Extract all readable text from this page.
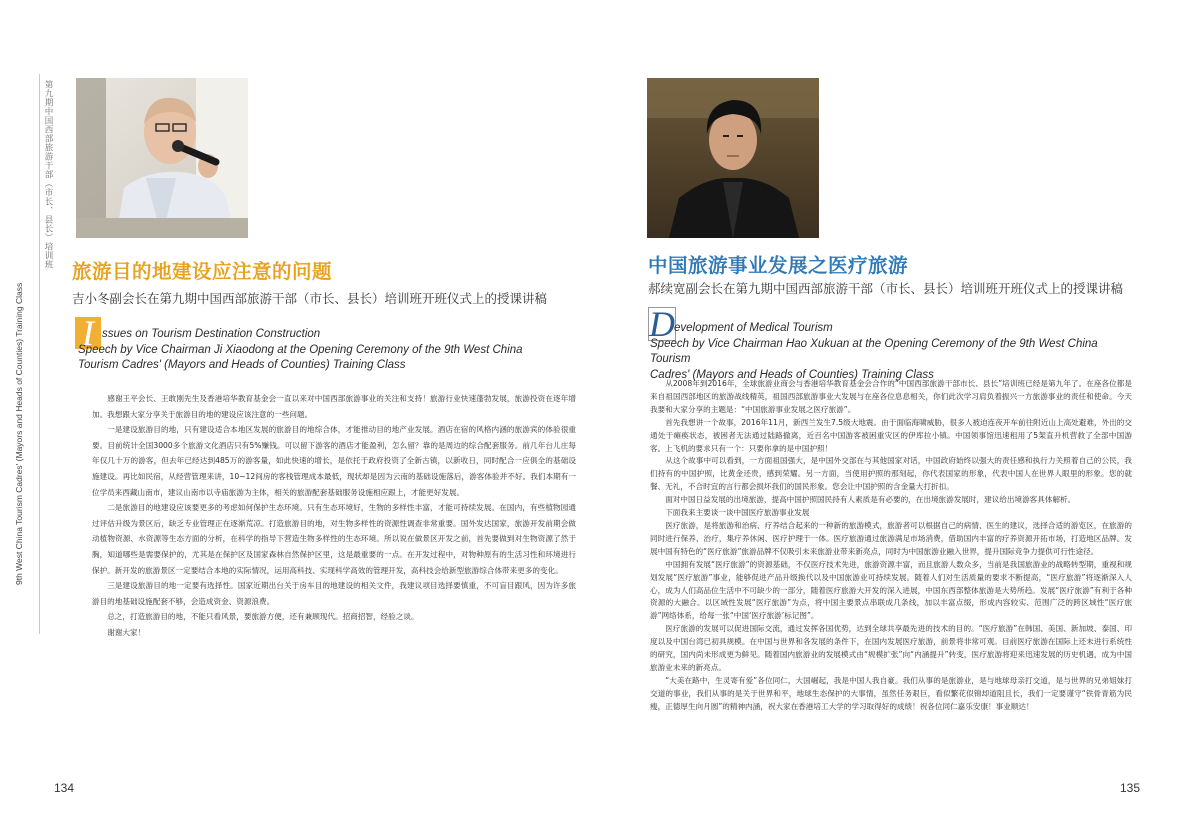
第九期中国西部旅游干部（市长、县长）培训班
9th West China Tourism Cadres' (Mayors and Heads of Counties) Training Class
旅游目的地建设应注意的问题
吉小冬副会长在第九期中国西部旅游干部（市长、县长）培训班开班仪式上的授课讲稿
中国旅游事业发展之医疗旅游
郝续宽副会长在第九期中国西部旅游干部（市长、县长）培训班开班仪式上的授课讲稿
I ssues on Tourism Destination Construction
Speech by Vice Chairman Ji Xiaodong at the Opening Ceremony of the 9th West China
Tourism Cadres' (Mayors and Heads of Counties) Training Class
D evelopment of Medical Tourism
Speech by Vice Chairman Hao Xukuan at the Opening Ceremony of the 9th West China Tourism
Cadres' (Mayors and Heads of Counties) Training Class

感谢王平会长、王敢刚先生及香港培华教育基金会一直以来对中国西部旅游事业的关注和支持！旅游行业快速蓬勃发展，旅游投资在逐年增加。我想跟大家分享关于旅游目的地的建设应该注意的一些问题。

一是建设旅游目的地，只有建设适合本地区发展的旅游目的地综合体，才能推动目的地产业发展。酒店在宿的风格内涵的旅游宾的体验很重要。目前统计全国3000多个旅游文化酒店只有5%赚钱。可以留下游客的酒店才能盈利，怎么留？靠的是周边的综合配套服务。前几年台儿庄每年仅几十万的游客，但去年已经达到485万的游客量，如此快速的增长，是依托于政府投资了全新古镇，以新收日，同时配合一应俱全的基础设施建设。再比如民宿，从经营管理来讲，10~12间房的客栈管理成本最低，现状却是因为云南的基础设施落后，游客体验并不好。我们本期有一位学员来西藏山南市，建议山南市以寺庙旅游为主体，相关的旅游配套基础服务设施相应跟上，才能更好发展。

二是旅游目的地建设应该要更多的考虑如何保护生态环境。只有生态环境好，生物的多样性丰富，才能可持续发展。在国内，有些植物园通过评估升级为景区后，缺乏专业管理正在逐渐荒凉。打造旅游目的地，对生物多样性的资源性调查非常重要。国外发达国家，旅游开发前期会做动植物资源、水资源等生态方面的分析，在科学的指导下营造生物多样性的生态环境。所以说在做景区开发之前，首先要做到对生物资源了然于胸，知道哪些是需要保护的，尤其是在保护区及国家森林自然保护区里，这是最重要的一点。在开发过程中，对物种原有的生活习性和环境进行保护。新开发的旅游景区一定要结合本地的实际情况，运用高科技、实现科学高效的管理开发，高科技会给新型旅游综合体带来更多的变化。

三是建设旅游目的地一定要有选择性。国家近期出台关于房车目的地建设的相关文件，我建议项目选择要慎重，不可盲目跟风，因为许多旅游目的地基础设施配套不够，会造成资金、资源浪费。

总之，打造旅游目的地，不能只看风景，要旅游方便，还有兼顾现代。招商招智，经验之谈。

谢谢大家！

从2008年到2016年，全球旅游业商会与香港培华教育基金会合作的“中国西部旅游干部市长、县长”培训班已经是第九年了。在座各位都是来自祖国西部地区的旅游战线精英，祖国西部旅游事业大发展与在座各位息息相关，你们此次学习肩负着振兴一方旅游事业的责任和使命。今天我要和大家分享的主题是：“中国旅游事业发展之医疗旅游”。

首先我想讲一个故事，2016年11月，新西兰发生7.5级大地震。由于面临海啸威胁，很多人被迫连夜开车前往附近山上高处避难，外出的交通处于瘫痪状态，被困者无法通过陆路撤离，近百名中国游客被困重灾区的伊库拉小镇。中国领事馆迅速租用了5架直升机营救了全部中国游客。上飞机的要求只有一个：只要你拿的是中国护照！

从这个故事中可以看到，一方面祖国强大，是中国外交部在与其他国家对话，中国政府始终以强大的责任感和执行力关照着自己的公民，我们持有的中国护照，比黄金还贵，感到荣耀。另一方面，当使用护照的那刻起，你代表国家的形象，代表中国人在世界人眼里的形象。您的就餐、无礼，不合时宜的言行都会损坏我们的国民形象。您会让中国护照的含金量大打折扣。

面对中国日益发展的出境旅游，提高中国护照国民持有人素质是有必要的，在出境旅游发展时，建议给出境游客具体解析。

下面我来主要谈一谈中国医疗旅游事业发展

医疗旅游，是将旅游和治病、疗养结合起来的一种新的旅游模式，旅游者可以根据自己的病情、医生的建议，选择合适的游览区，在旅游的同时进行保养、治疗，集疗养休闲、医疗护理于一体。医疗旅游通过旅游满足市场消费，借助国内丰富的疗养资源开拓市场，打造地区品牌。发展中国有特色的“医疗旅游”旅游品牌不仅吸引未来旅游业带来新亮点，同时为中国旅游业融入世界，提升国际竞争力提供可行性途径。

中国拥有发展“医疗旅游”的资源基础，不仅医疗技术先进，旅游资源丰富，而且旅游人数众多，当前是我国旅游业的战略转型期，重视和规划发展“医疗旅游”事业，能够促进产品升级换代以及中国旅游业可持续发展。随着人们对生活质量的要求不断提高，“医疗旅游”将逐渐深入人心，成为人们高品位生活中不可缺少的一部分，随着医疗旅游大开发的深入进展，中国东西部整体旅游是大势所趋。发展“医疗旅游”有利于各种资源的大融合。以区域性发展“医疗旅游”为点，将中国主要景点串联成几条线，加以丰富点缀，形成内容较实、范围广泛的跨区域性“医疗旅游”网络体系，给每一张“中国‘医疗旅游’标记图”。

医疗旅游的发展可以促进国际交流，通过发挥各国优势，达到全球共享最先进的技术的目的。“医疗旅游”在韩国、美国、新加坡、泰国、印度以及中国台湾已初具规模。在中国与世界和各发展的条件下，在国内发展医疗旅游，前景将非常可观。目前医疗旅游在国际上还未进行系统性的研究，国内尚未形成更为鲜见。随着国内旅游业的发展模式由“规模扩张”向“内涵提升”转变，医疗旅游将迎来迅速发展的历史机遇，成为中国旅游业未来的新亮点。

“大美在路中，生灵寄有爱”各位同仁，大国崛起，我是中国人我自豪。我们从事的是旅游业，是与地球母亲打交道，是与世界的兄弟姐妹打交道的事业，我们从事的是关于世界和平，地球生态保护的大事情，虽然任务艰巨，看似繁花似锦却道阻且长，我们一定要谨守“铁骨青筋为民瘦，正德厚生向月圆”的精神内涵，祝大家在香港培工大学的学习取得好的成绩！祝各位同仁嘉乐安康！事业顺达！

134	135
